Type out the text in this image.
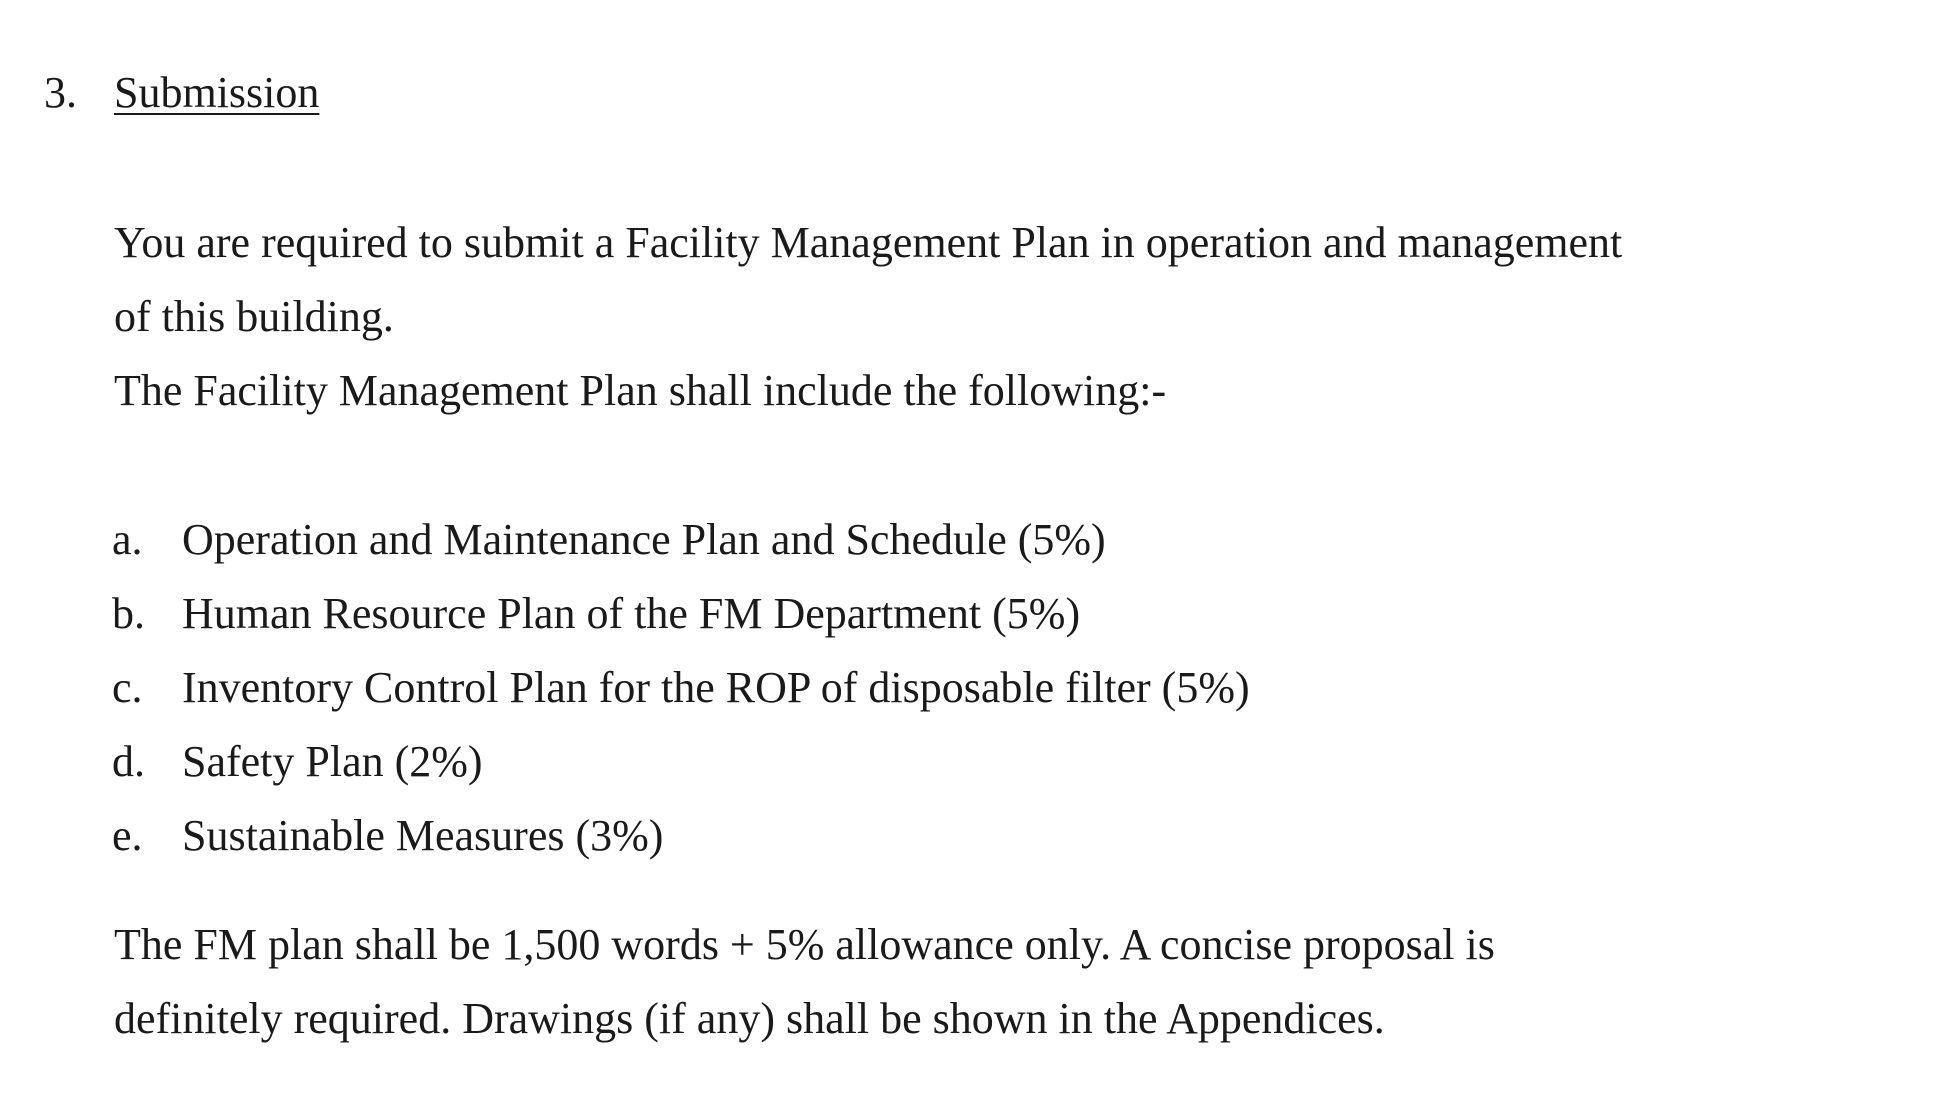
3. Submission
You are required to submit a Facility Management Plan in operation and management
of this building.
The Facility Management Plan shall include the following:-
a. Operation and Maintenance Plan and Schedule (5%)
b. Human Resource Plan of the FM Department (5%)
c. Inventory Control Plan for the ROP of disposable filter (5%)
d. Safety Plan (2%)
e. Sustainable Measures (3%)
The FM plan shall be 1,500 words + 5% allowance only. A concise proposal is
definitely required. Drawings (if any) shall be shown in the Appendices.
